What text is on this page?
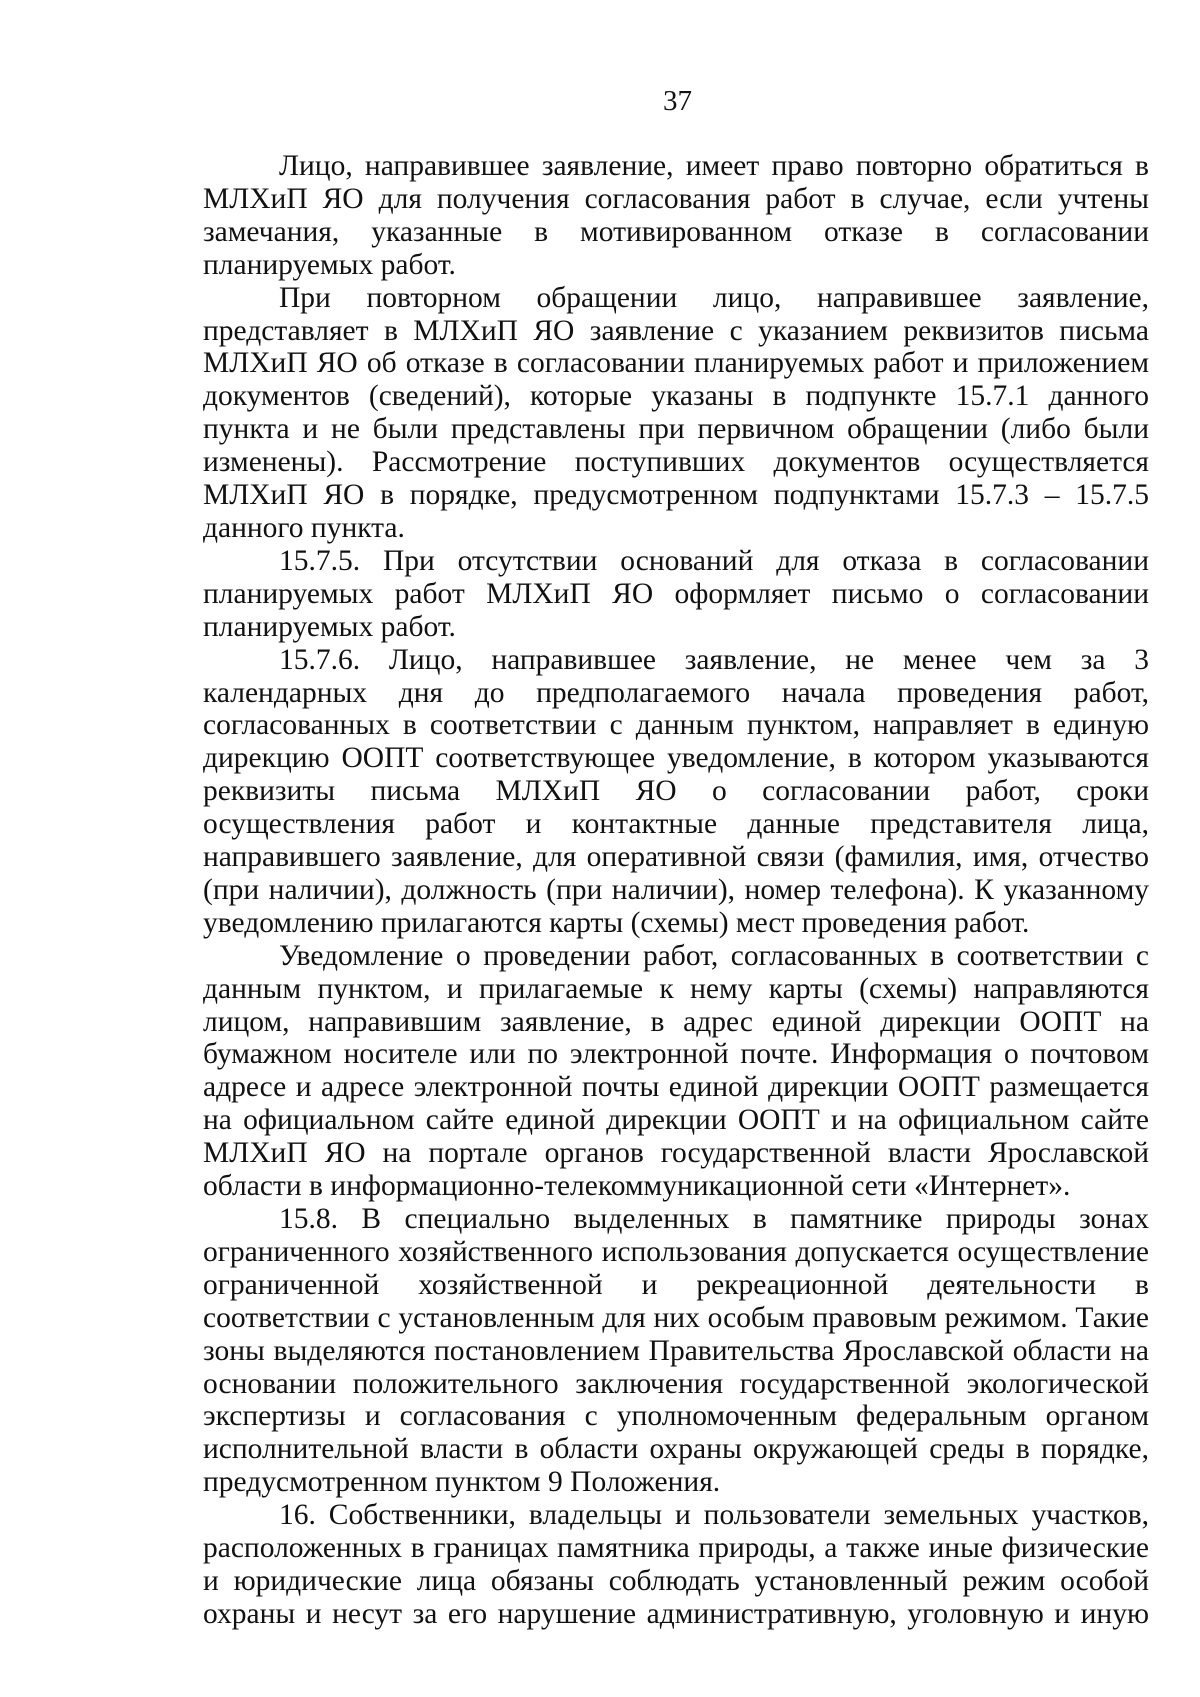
37

Лицо, направившее заявление, имеет право повторно обратиться в МЛХиП ЯО для получения согласования работ в случае, если учтены замечания, указанные в мотивированном отказе в согласовании планируемых работ.

При повторном обращении лицо, направившее заявление, представляет в МЛХиП ЯО заявление с указанием реквизитов письма МЛХиП ЯО об отказе в согласовании планируемых работ и приложением документов (сведений), которые указаны в подпункте 15.7.1 данного пункта и не были представлены при первичном обращении (либо были изменены). Рассмотрение поступивших документов осуществляется МЛХиП ЯО в порядке, предусмотренном подпунктами 15.7.3 – 15.7.5 данного пункта.

15.7.5. При отсутствии оснований для отказа в согласовании планируемых работ МЛХиП ЯО оформляет письмо о согласовании планируемых работ.

15.7.6. Лицо, направившее заявление, не менее чем за 3 календарных дня до предполагаемого начала проведения работ, согласованных в соответствии с данным пунктом, направляет в единую дирекцию ООПТ соответствующее уведомление, в котором указываются реквизиты письма МЛХиП ЯО о согласовании работ, сроки осуществления работ и контактные данные представителя лица, направившего заявление, для оперативной связи (фамилия, имя, отчество (при наличии), должность (при наличии), номер телефона). К указанному уведомлению прилагаются карты (схемы) мест проведения работ.

Уведомление о проведении работ, согласованных в соответствии с данным пунктом, и прилагаемые к нему карты (схемы) направляются лицом, направившим заявление, в адрес единой дирекции ООПТ на бумажном носителе или по электронной почте. Информация о почтовом адресе и адресе электронной почты единой дирекции ООПТ размещается на официальном сайте единой дирекции ООПТ и на официальном сайте МЛХиП ЯО на портале органов государственной власти Ярославской области в информационно-телекоммуникационной сети «Интернет».

15.8. В специально выделенных в памятнике природы зонах ограниченного хозяйственного использования допускается осуществление ограниченной хозяйственной и рекреационной деятельности в соответствии с установленным для них особым правовым режимом. Такие зоны выделяются постановлением Правительства Ярославской области на основании положительного заключения государственной экологической экспертизы и согласования с уполномоченным федеральным органом исполнительной власти в области охраны окружающей среды в порядке, предусмотренном пунктом 9 Положения.

16. Собственники, владельцы и пользователи земельных участков, расположенных в границах памятника природы, а также иные физические и юридические лица обязаны соблюдать установленный режим особой охраны и несут за его нарушение административную, уголовную и иную
